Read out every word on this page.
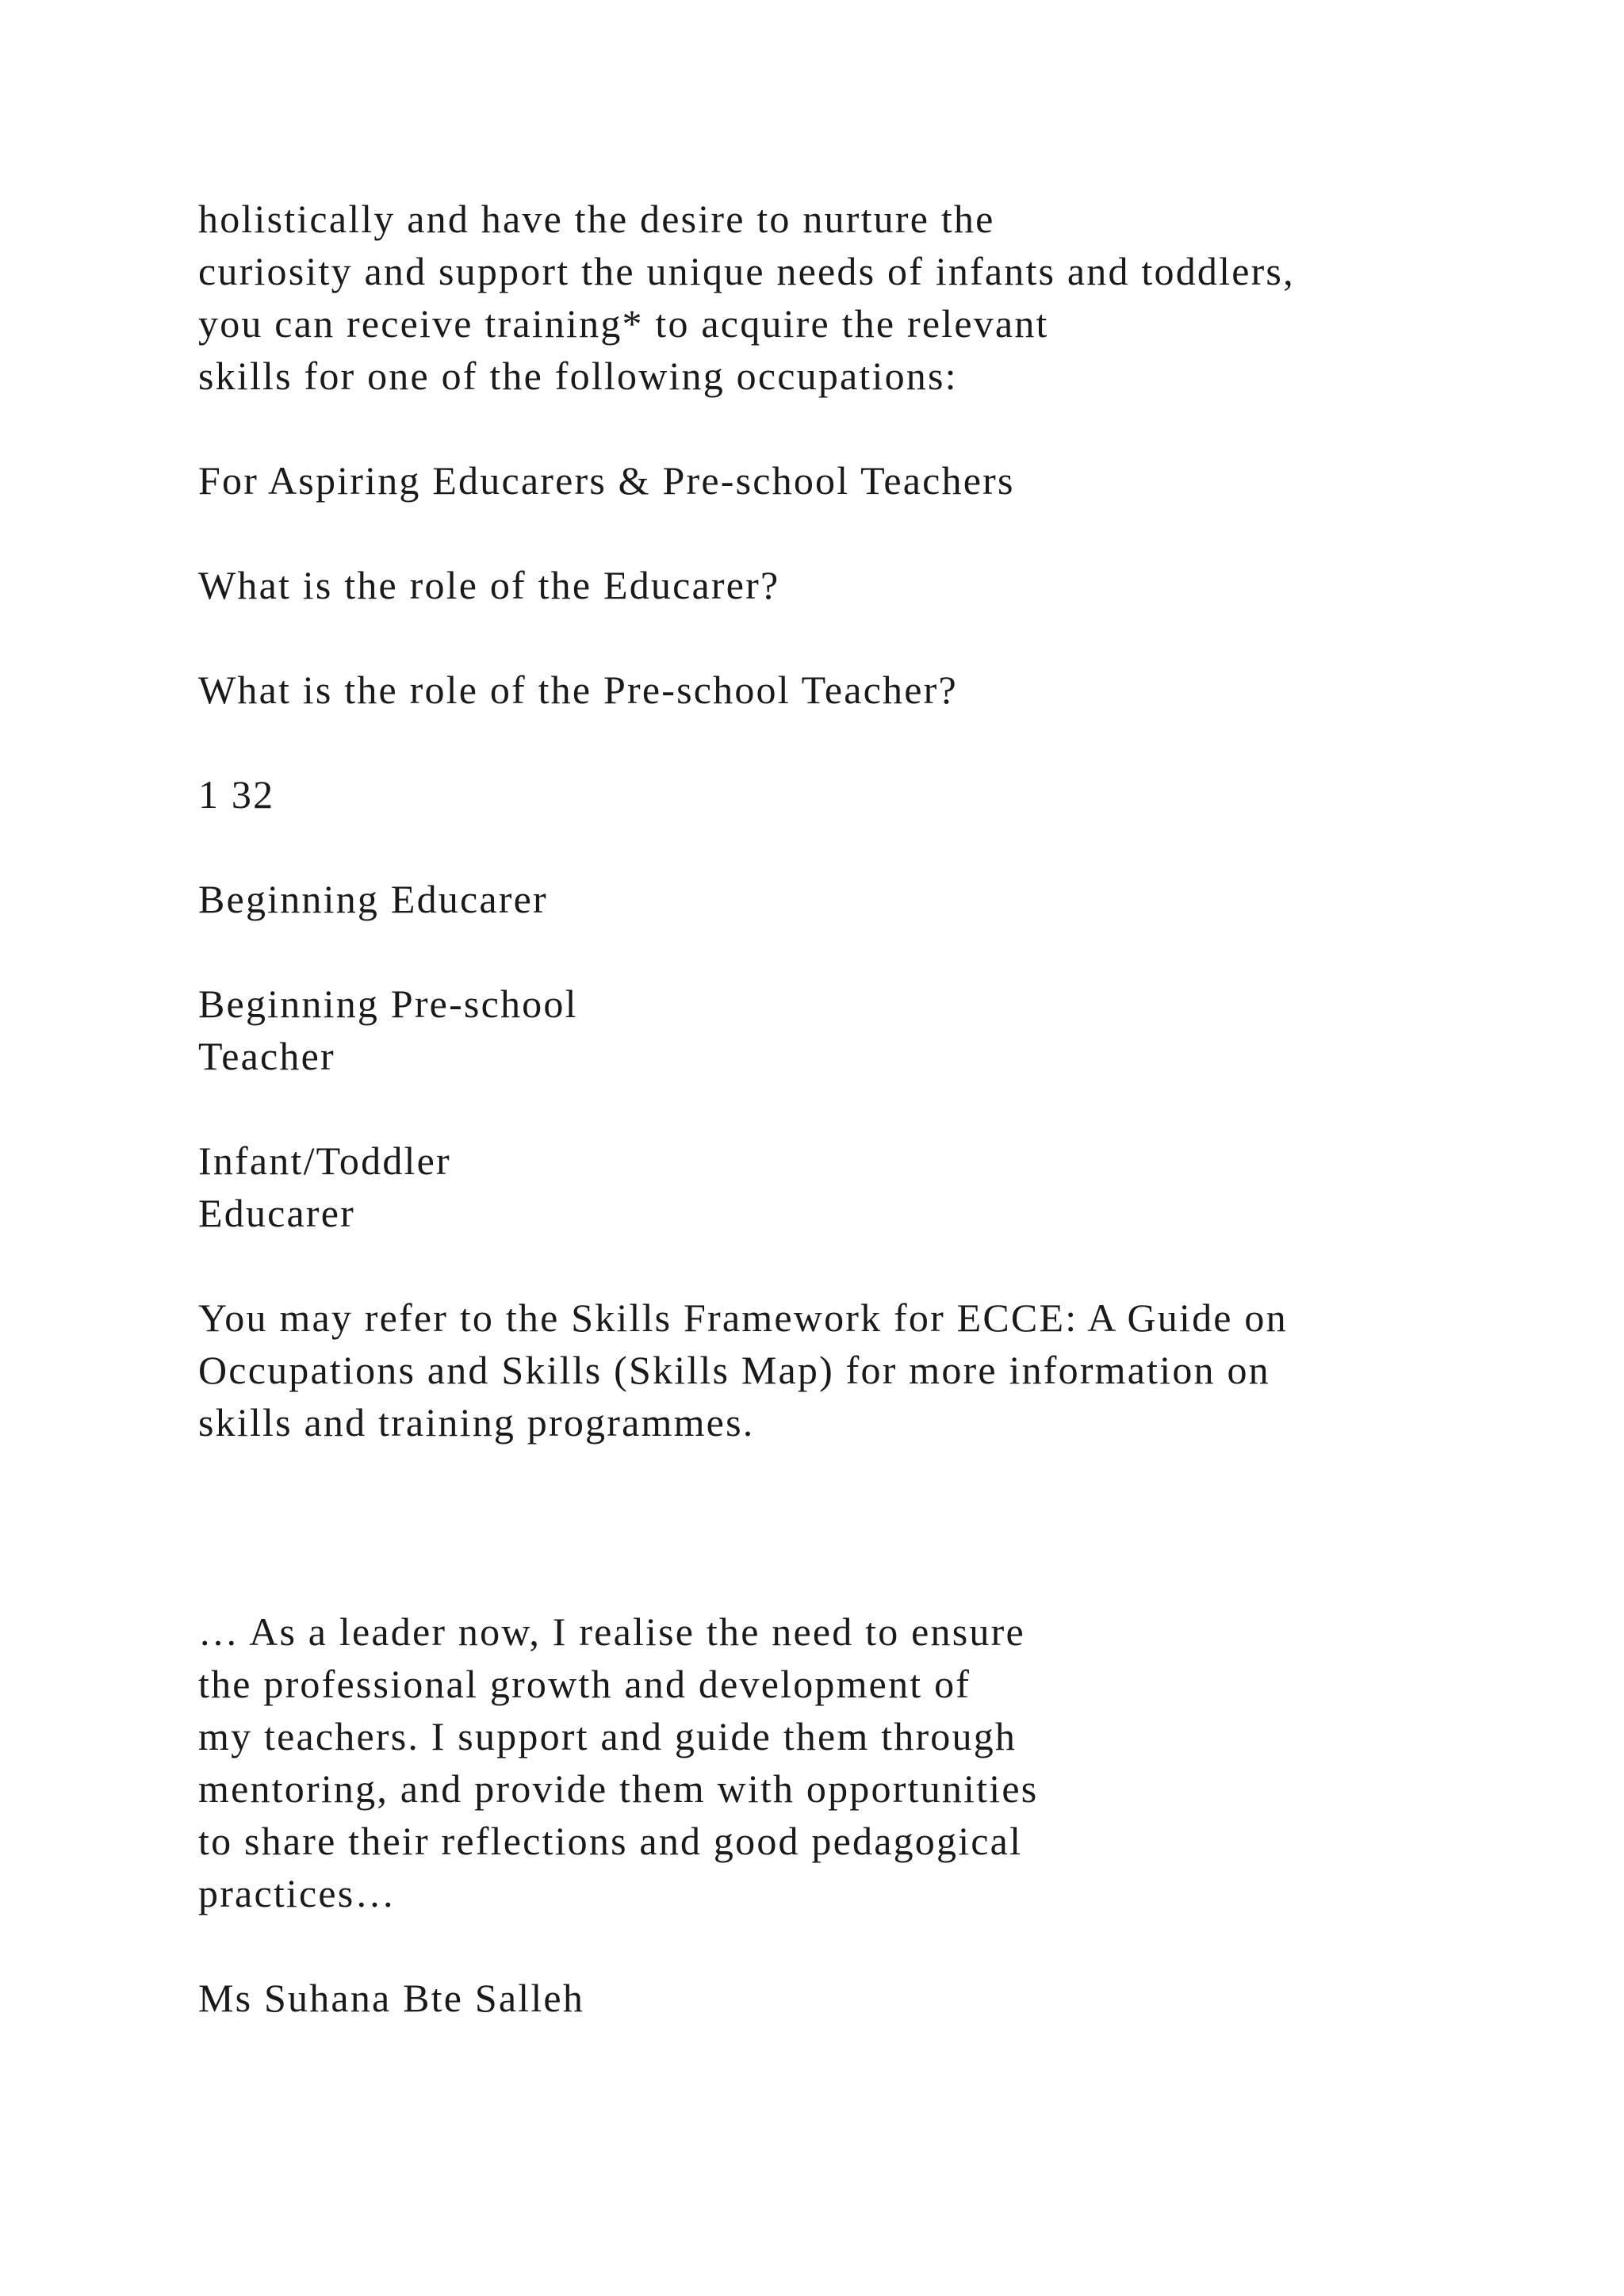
holistically and have the desire to nurture the
curiosity and support the unique needs of infants and toddlers,
you can receive training* to acquire the relevant
skills for one of the following occupations:
For Aspiring Educarers & Pre-school Teachers
What is the role of the Educarer?
What is the role of the Pre-school Teacher?
1 32
Beginning Educarer
Beginning Pre-school
Teacher
Infant/Toddler
Educarer
You may refer to the Skills Framework for ECCE: A Guide on
Occupations and Skills (Skills Map) for more information on
skills and training programmes.
… As a leader now, I realise the need to ensure
the professional growth and development of
my teachers. I support and guide them through
mentoring, and provide them with opportunities
to share their reflections and good pedagogical
practices…
Ms Suhana Bte Salleh
